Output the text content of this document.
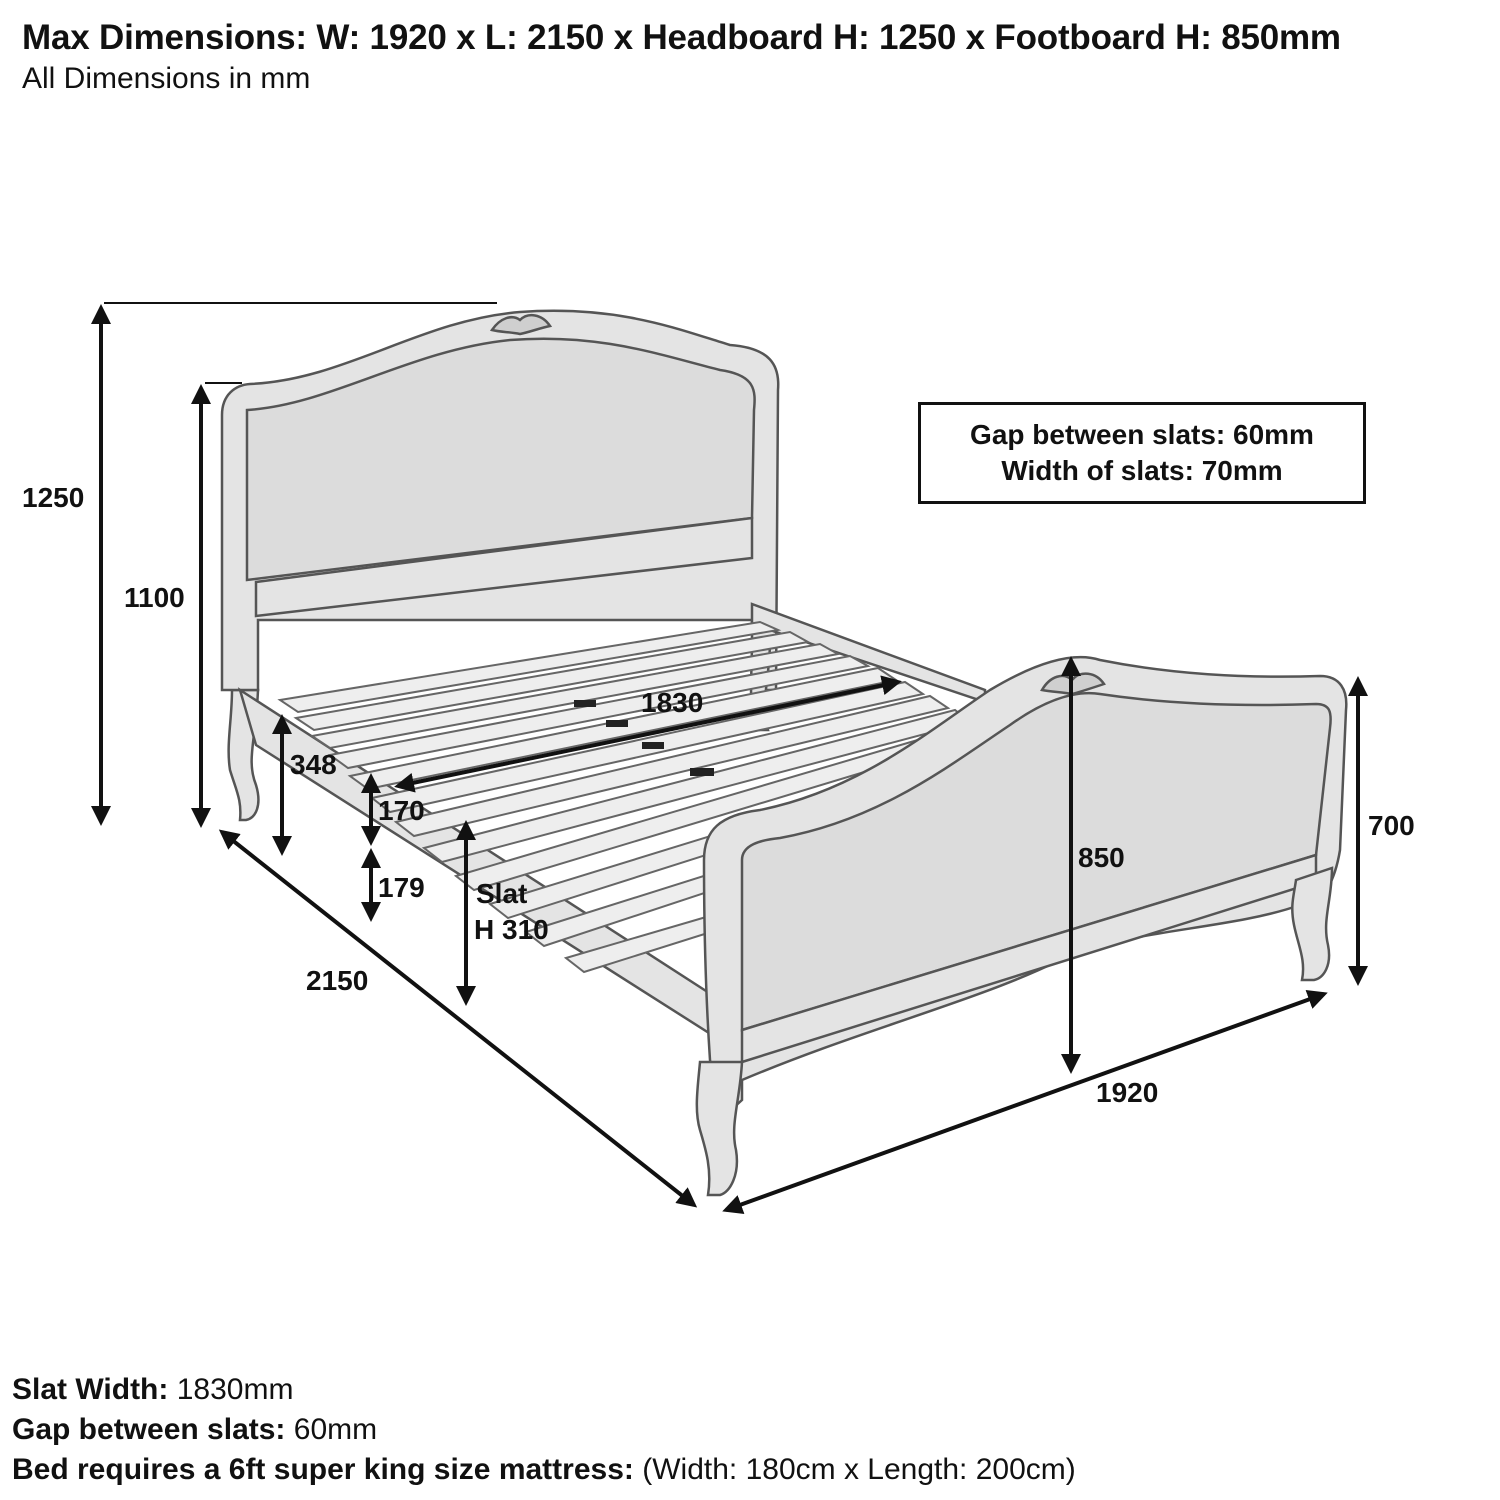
Max Dimensions: W: 1920 x L: 2150 x Headboard H: 1250 x Footboard H: 850mm
All Dimensions in mm
1250
1100
1830
348
170
179 Slat
H 310
850
700
2150
1920
Gap between slats: 60mm
Width of slats: 70mm
Slat Width: 1830mm
Gap between slats: 60mm
Bed requires a 6ft super king size mattress: (Width: 180cm x Length: 200cm)
